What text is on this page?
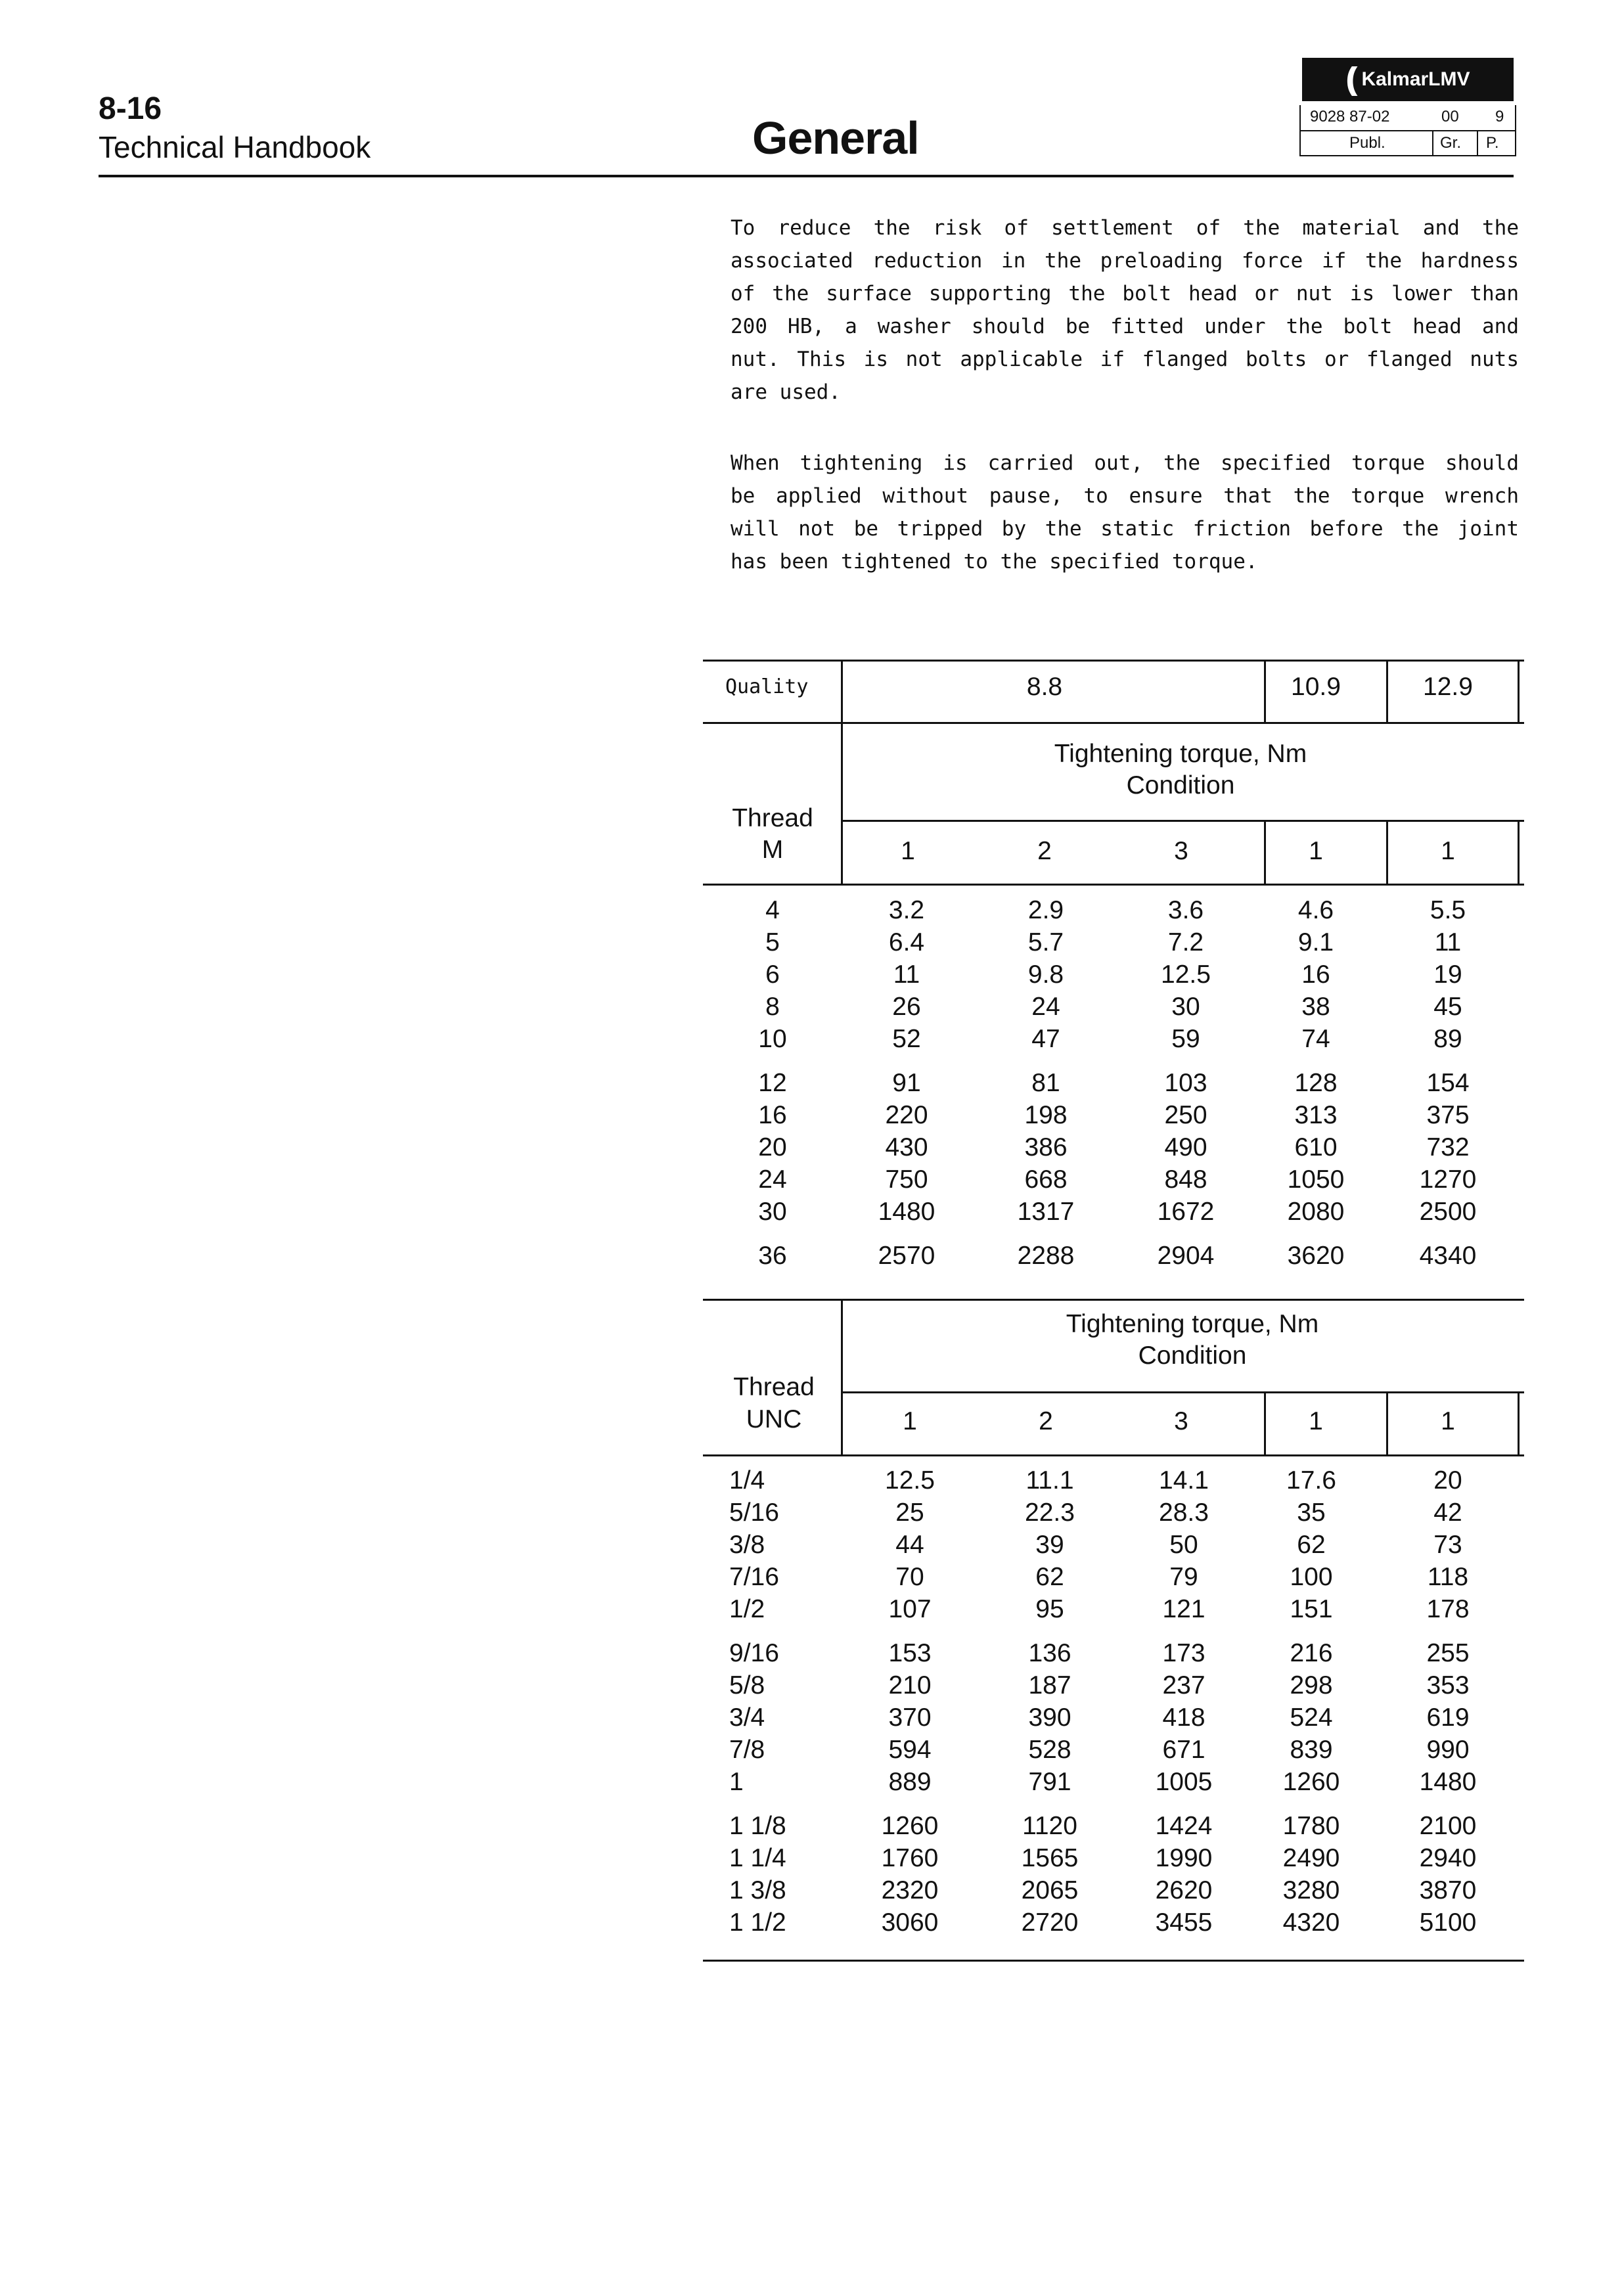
8-16
Technical Handbook	General
(( KalmarLMV
9028 87-02	00 9
Publ.	Gr. P.
To reduce the risk of settlement of the material and the
associated reduction in the preloading force if the hardness
of the surface supporting the bolt head or nut is lower than
200 HB, a washer should be fitted under the bolt head and
nut. This is not applicable if flanged bolts or flanged nuts
are used.
When tightening is carried out, the specified torque should
be applied without pause, to ensure that the torque wrench
will not be tripped by the static friction before the joint
has been tightened to the specified torque.
Quality	8.8	10.9	12.9
Tightening torque, Nm
Condition
Thread
M	1	2	3	1	1
4	3.2	2.9	3.6	4.6	5.5
5	6.4	5.7	7.2	9.1	11
6	11	9.8	12.5	16	19
8	26	24	30	38	45
10	52	47	59	74	89
12	91	81	103	128	154
16	220	198	250	313	375
20	430	386	490	610	732
24	750	668	848	1050	1270
30	1480	1317	1672	2080	2500
36	2570	2288	2904	3620	4340
Tightening torque, Nm
Condition
Thread
UNC	1	2	3	1	1
1/4	12.5	11.1	14.1	17.6	20
5/16	25	22.3	28.3	35	42
3/8	44	39	50	62	73
7/16	70	62	79	100	118
1/2	107	95	121	151	178
9/16	153	136	173	216	255
5/8	210	187	237	298	353
3/4	370	390	418	524	619
7/8	594	528	671	839	990
1	889	791	1005	1260	1480
1 1/8	1260	1120	1424	1780	2100
1 1/4	1760	1565	1990	2490	2940
1 3/8	2320	2065	2620	3280	3870
1 1/2	3060	2720	3455	4320	5100
